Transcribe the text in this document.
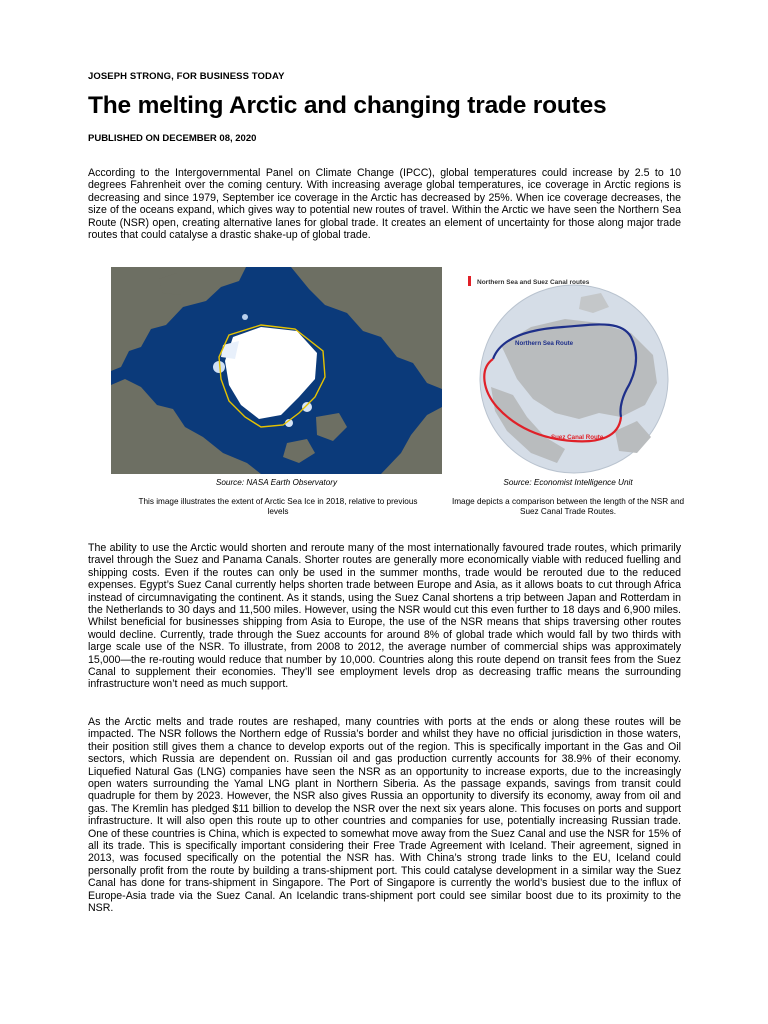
JOSEPH STRONG, FOR BUSINESS TODAY
The melting Arctic and changing trade routes
PUBLISHED ON DECEMBER 08, 2020

According to the Intergovernmental Panel on Climate Change (IPCC), global temperatures could increase by 2.5 to 10 degrees Fahrenheit over the coming century. With increasing average global temperatures, ice coverage in Arctic regions is decreasing and since 1979, September ice coverage in the Arctic has decreased by 25%. When ice coverage decreases, the size of the oceans expand, which gives way to potential new routes of travel. Within the Arctic we have seen the Northern Sea Route (NSR) open, creating alternative lanes for global trade. It creates an element of uncertainty for those along major trade routes that could catalyse a drastic shake-up of global trade.

Northern Sea and Suez Canal routes
Northern Sea Route
Suez Canal Route
Source: NASA Earth Observatory	Source: Economist Intelligence Unit
This image illustrates the extent of Arctic Sea Ice in 2018, relative to previous levels
Image depicts a comparison between the length of the NSR and Suez Canal Trade Routes.

The ability to use the Arctic would shorten and reroute many of the most internationally favoured trade routes, which primarily travel through the Suez and Panama Canals. Shorter routes are generally more economically viable with reduced fuelling and shipping costs. Even if the routes can only be used in the summer months, trade would be rerouted due to the reduced expenses. Egypt’s Suez Canal currently helps shorten trade between Europe and Asia, as it allows boats to cut through Africa instead of circumnavigating the continent. As it stands, using the Suez Canal shortens a trip between Japan and Rotterdam in the Netherlands to 30 days and 11,500 miles. However, using the NSR would cut this even further to 18 days and 6,900 miles. Whilst beneficial for businesses shipping from Asia to Europe, the use of the NSR means that ships traversing other routes would decline. Currently, trade through the Suez accounts for around 8% of global trade which would fall by two thirds with large scale use of the NSR. To illustrate, from 2008 to 2012, the average number of commercial ships was approximately 15,000—the re-routing would reduce that number by 10,000. Countries along this route depend on transit fees from the Suez Canal to supplement their economies. They’ll see employment levels drop as decreasing traffic means the surrounding infrastructure won’t need as much support.

As the Arctic melts and trade routes are reshaped, many countries with ports at the ends or along these routes will be impacted. The NSR follows the Northern edge of Russia’s border and whilst they have no official jurisdiction in those waters, their position still gives them a chance to develop exports out of the region. This is specifically important in the Gas and Oil sectors, which Russia are dependent on. Russian oil and gas production currently accounts for 38.9% of their economy. Liquefied Natural Gas (LNG) companies have seen the NSR as an opportunity to increase exports, due to the increasingly open waters surrounding the Yamal LNG plant in Northern Siberia. As the passage expands, savings from transit could quadruple for them by 2023. However, the NSR also gives Russia an opportunity to diversify its economy, away from oil and gas. The Kremlin has pledged $11 billion to develop the NSR over the next six years alone. This focuses on ports and support infrastructure. It will also open this route up to other countries and companies for use, potentially increasing Russian trade. One of these countries is China, which is expected to somewhat move away from the Suez Canal and use the NSR for 15% of all its trade. This is specifically important considering their Free Trade Agreement with Iceland. Their agreement, signed in 2013, was focused specifically on the potential the NSR has. With China’s strong trade links to the EU, Iceland could personally profit from the route by building a trans-shipment port. This could catalyse development in a similar way the Suez Canal has done for trans-shipment in Singapore. The Port of Singapore is currently the world’s busiest due to the influx of Europe-Asia trade via the Suez Canal. An Icelandic trans-shipment port could see similar boost due to its proximity to the NSR.
